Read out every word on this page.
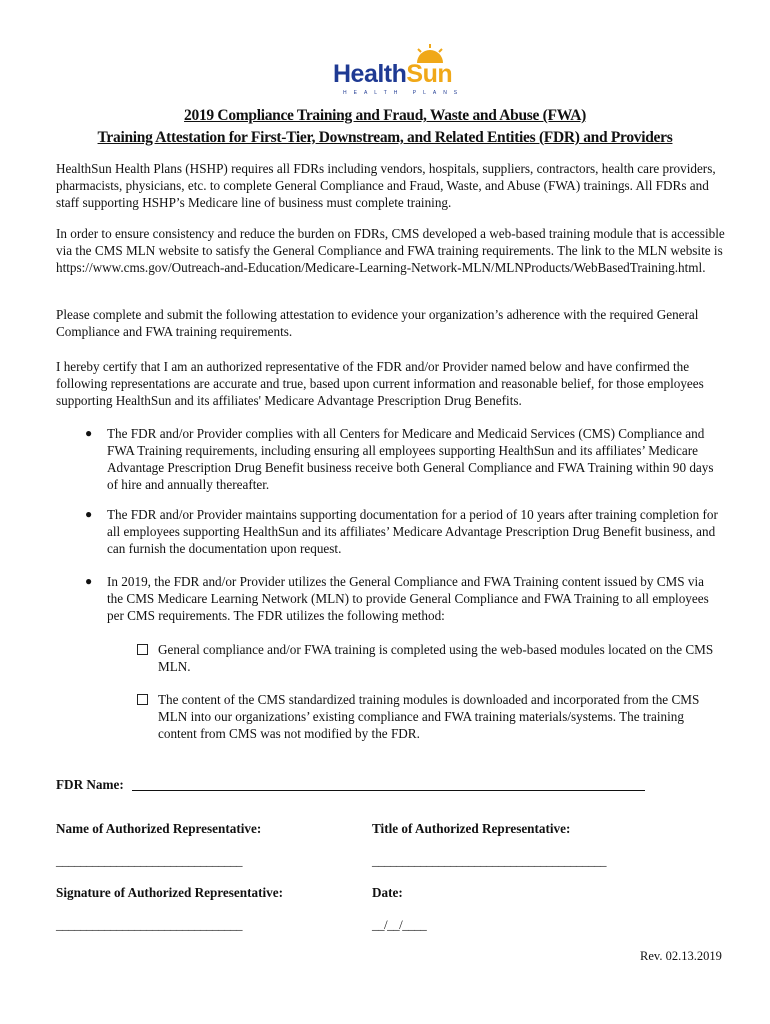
HealthSun
HEALTH PLANS
2019 Compliance Training and Fraud, Waste and Abuse (FWA)
Training Attestation for First-Tier, Downstream, and Related Entities (FDR) and Providers

HealthSun Health Plans (HSHP) requires all FDRs including vendors, hospitals, suppliers, contractors, health care providers, pharmacists, physicians, etc. to complete General Compliance and Fraud, Waste, and Abuse (FWA) trainings. All FDRs and staff supporting HSHP’s Medicare line of business must complete training.

In order to ensure consistency and reduce the burden on FDRs, CMS developed a web-based training module that is accessible via the CMS MLN website to satisfy the General Compliance and FWA training requirements. The link to the MLN website is https://www.cms.gov/Outreach-and-Education/Medicare-Learning-Network-MLN/MLNProducts/WebBasedTraining.html.

Please complete and submit the following attestation to evidence your organization’s adherence with the required General Compliance and FWA training requirements.

I hereby certify that I am an authorized representative of the FDR and/or Provider named below and have confirmed the following representations are accurate and true, based upon current information and reasonable belief, for those employees supporting HealthSun and its affiliates' Medicare Advantage Prescription Drug Benefits.

● The FDR and/or Provider complies with all Centers for Medicare and Medicaid Services (CMS) Compliance and FWA Training requirements, including ensuring all employees supporting HealthSun and its affiliates’ Medicare Advantage Prescription Drug Benefit business receive both General Compliance and FWA Training within 90 days of hire and annually thereafter.

● The FDR and/or Provider maintains supporting documentation for a period of 10 years after training completion for all employees supporting HealthSun and its affiliates’ Medicare Advantage Prescription Drug Benefit business, and can furnish the documentation upon request.

● In 2019, the FDR and/or Provider utilizes the General Compliance and FWA Training content issued by CMS via the CMS Medicare Learning Network (MLN) to provide General Compliance and FWA Training to all employees per CMS requirements. The FDR utilizes the following method:

General compliance and/or FWA training is completed using the web-based modules located on the CMS MLN.

The content of the CMS standardized training modules is downloaded and incorporated from the CMS MLN into our organizations’ existing compliance and FWA training materials/systems. The training content from CMS was not modified by the FDR.

FDR Name:
Name of Authorized Representative:	Title of Authorized Representative:
_______________________________	_______________________________________
Signature of Authorized Representative:	Date:
_______________________________	__/__/____
Rev. 02.13.2019
